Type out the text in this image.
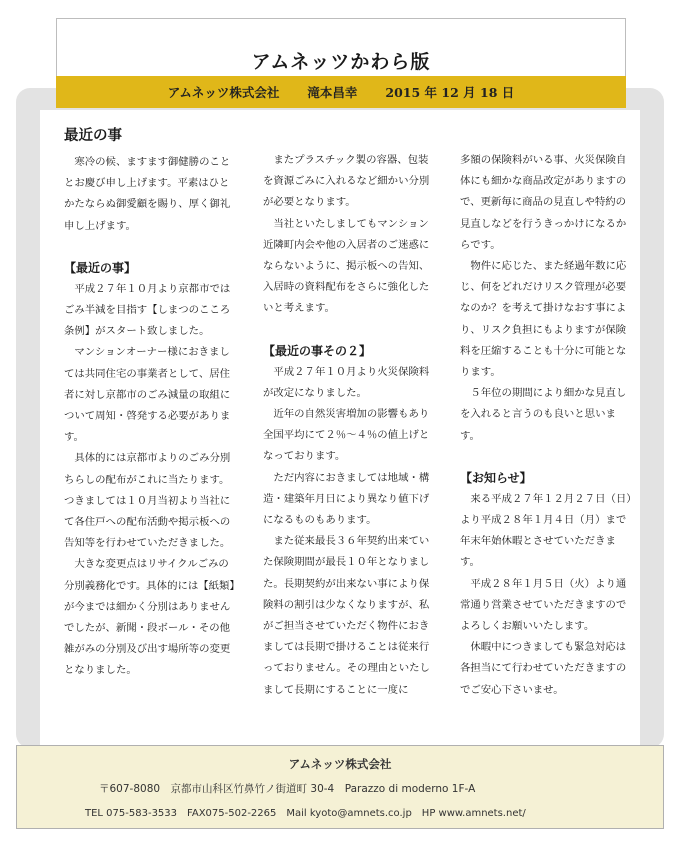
アムネッツかわら版
アムネッツ株式会社 滝本昌幸 2015 年 12 月 18 日
最近の事

寒冷の候、ますます御健勝のこととお慶び申し上げます。平素はひとかたならぬ御愛顧を賜り、厚く御礼申し上げます。

【最近の事】

平成２７年１０月より京都市ではごみ半減を目指す【しまつのこころ条例】がスタート致しました。

マンションオーナー様におきましては共同住宅の事業者として、居住者に対し京都市のごみ減量の取組について周知・啓発する必要があります。

具体的には京都市よりのごみ分別ちらしの配布がこれに当たります。つきましては１０月当初より当社にて各住戸への配布活動や掲示板への告知等を行わせていただきました。

大きな変更点はリサイクルごみの分別義務化です。具体的には【紙類】が今までは細かく分別はありませんでしたが、新聞・段ボール・その他雑がみの分別及び出す場所等の変更となりました。

またプラスチック製の容器、包装を資源ごみに入れるなど細かい分別が必要となります。

当社といたしましてもマンション近隣町内会や他の入居者のご迷惑にならないように、掲示板への告知、入居時の資料配布をさらに強化したいと考えます。

【最近の事その２】

平成２７年１０月より火災保険料が改定になりました。

近年の自然災害増加の影響もあり全国平均にて２％～４％の値上げとなっております。

ただ内容におきましては地域・構造・建築年月日により異なり値下げになるものもあります。

また従来最長３６年契約出来ていた保険期間が最長１０年となりました。長期契約が出来ない事により保険料の割引は少なくなりますが、私がご担当させていただく物件におきましては長期で掛けることは従来行っておりません。その理由といたしまして長期にすることに一度に

多額の保険料がいる事、火災保険自体にも細かな商品改定がありますので、更新毎に商品の見直しや特約の見直しなどを行うきっかけになるからです。

物件に応じた、また経過年数に応じ、何をどれだけリスク管理が必要なのか？を考えて掛けなおす事により、リスク負担にもよりますが保険料を圧縮することも十分に可能となります。

５年位の期間により細かな見直しを入れると言うのも良いと思います。

【お知らせ】

来る平成２７年１２月２７日（日）より平成２８年１月４日（月）まで年末年始休暇とさせていただきます。

平成２８年１月５日（火）より通常通り営業させていただきますのでよろしくお願いいたします。

休暇中につきましても緊急対応は各担当にて行わせていただきますのでご安心下さいませ。

アムネッツ株式会社
〒607-8080　京都市山科区竹鼻竹ノ街道町 30-4　Parazzo di moderno 1F-A
TEL 075-583-3533　FAX075-502-2265　Mail kyoto@amnets.co.jp　HP www.amnets.net/
